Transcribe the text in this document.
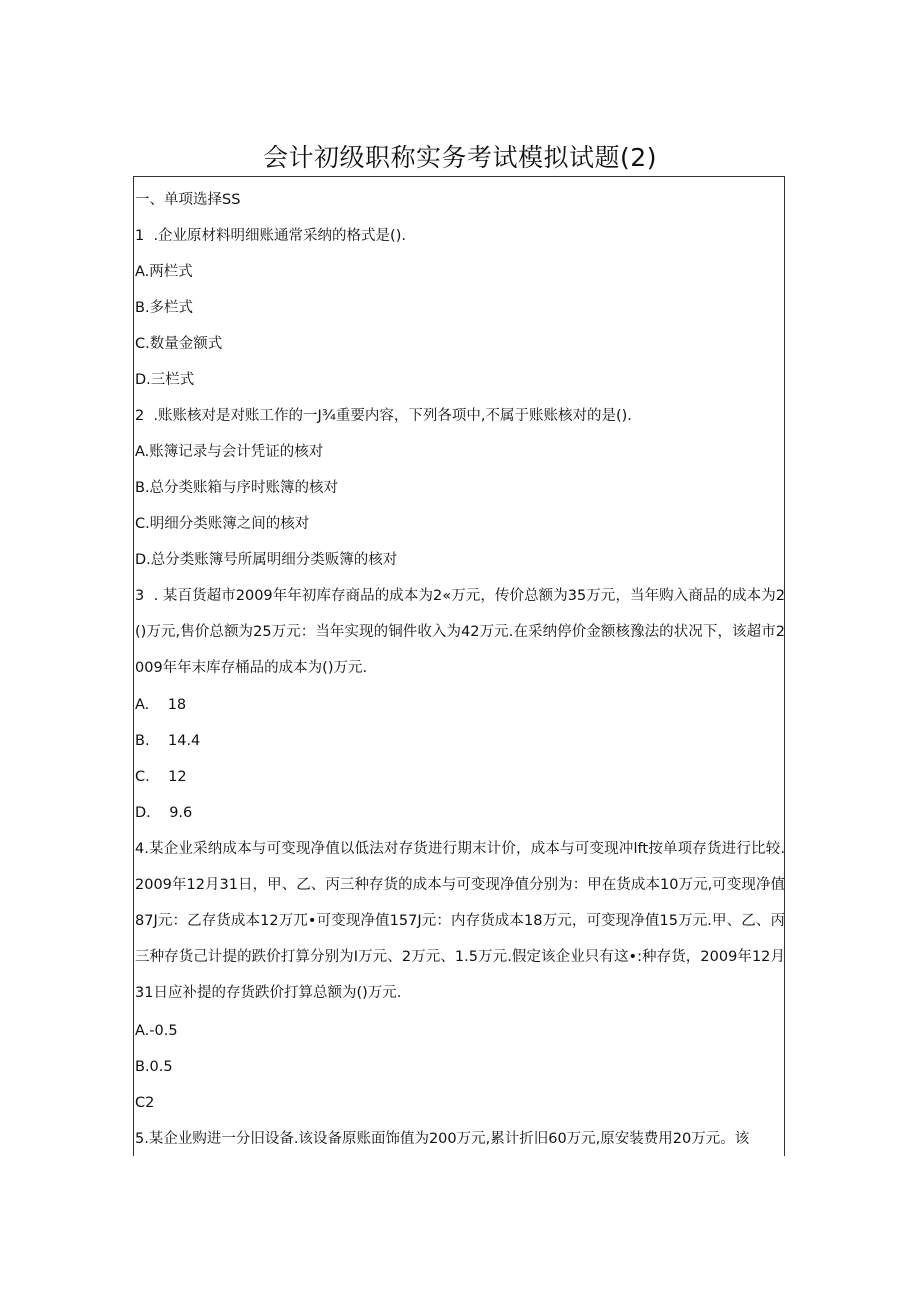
会计初级职称实务考试模拟试题(2)
一、单项选择SS
1  .企业原材料明细账通常采纳的格式是().
A.两栏式
B.多栏式
C.数量金额式
D.三栏式
2  .账账核对是对账工作的一J¾重要内容，下列各项中,不属于账账核对的是().
A.账簿记录与会计凭证的核对
B.总分类账箱与序时账簿的核对
C.明细分类账簿之间的核对
D.总分类账簿号所属明细分类贩簿的核对
3  . 某百货超市2009年年初库存商品的成本为2«万元，传价总额为35万元，当年购入商品的成本为2()万元,售价总额为25万元：当年实现的铜件收入为42万元.在采纳停价金额核豫法的状况下，该超市2009年年末库存桶品的成本为()万元.
A.    18
B.    14.4
C.    12
D.    9.6
4.某企业采纳成本与可变现净值以低法对存货进行期末计价，成本与可变现冲lft按单项存货进行比较.2009年12月31日，甲、乙、丙三种存货的成本与可变现净值分别为：甲在货成本10万元,可变现净值87J元：乙存货成本12万兀•可变现净值157J元：内存货成本18万元，可变现净值15万元.甲、乙、丙三种存货己计提的跌价打算分别为I万元、2万元、1.5万元.假定该企业只有这•:种存货，2009年12月31日应补提的存货跌价打算总额为()万元.
A.-0.5
B.0.5
C2
5.某企业购进一分旧设备.该设备原账面饰值为200万元,累计折旧60万元,原安装费用20万元。该
